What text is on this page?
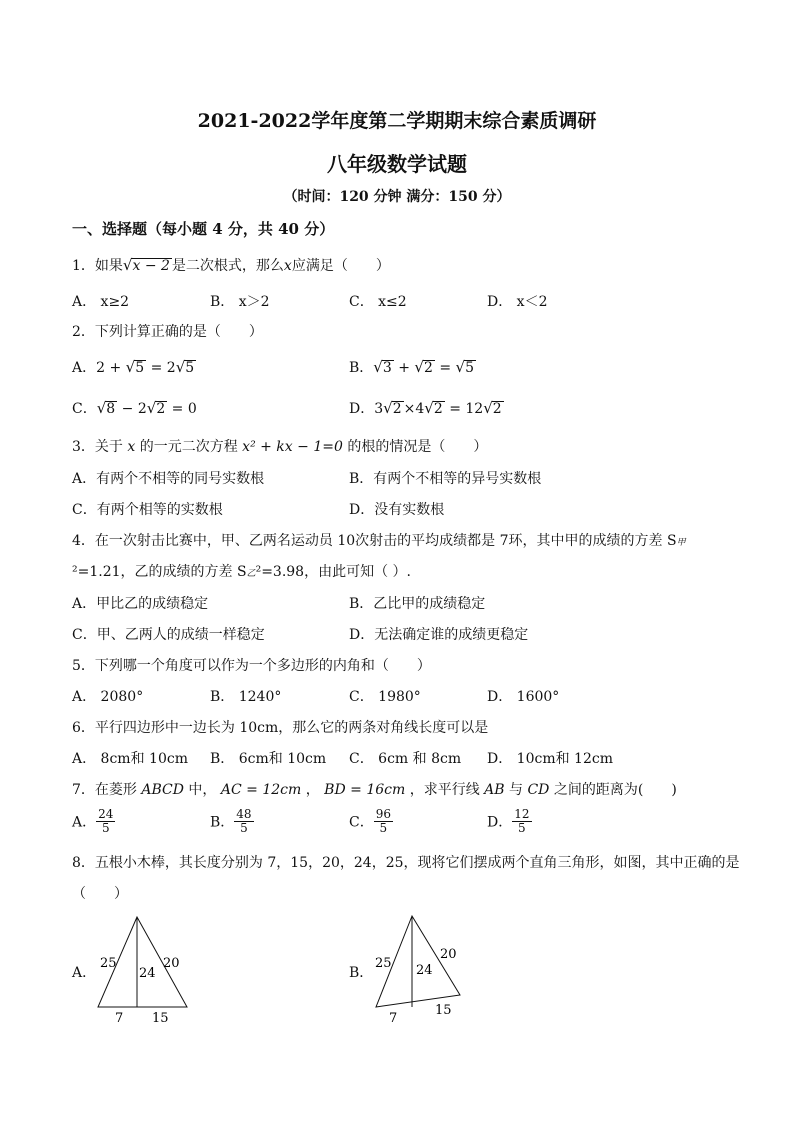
2021-2022学年度第二学期期末综合素质调研
八年级数学试题
（时间：120 分钟 满分：150 分）
一、选择题（每小题 4 分，共 40 分）
1．如果√x − 2 是二次根式，那么x应满足（　　）
A． x≥2	B． x＞2	C． x≤2	D． x＜2
2．下列计算正确的是（　　）
A．2 + √5 = 2√5	B．√3 + √2 = √5
C．√8 − 2√2 = 0	D．3√2 ×4√2 = 12√2
3．关于 x 的一元二次方程 x² + kx − 1=0 的根的情况是（　　）
A．有两个不相等的同号实数根	B．有两个不相等的异号实数根
C．有两个相等的实数根	D．没有实数根
4．在一次射击比赛中，甲、乙两名运动员 10次射击的平均成绩都是 7环，其中甲的成绩的方差 S甲
²=1.21，乙的成绩的方差 S乙²=3.98，由此可知（ ）.
A．甲比乙的成绩稳定	B．乙比甲的成绩稳定
C．甲、乙两人的成绩一样稳定	D．无法确定谁的成绩更稳定
5．下列哪一个角度可以作为一个多边形的内角和（　　）
A． 2080°	B． 1240°	C． 1980°	D． 1600°
6．平行四边形中一边长为 10cm，那么它的两条对角线长度可以是
A． 8cm和 10cm B． 6cm和 10cm C． 6cm 和 8cm D． 10cm和 12cm
7．在菱形 ABCD 中， AC = 12cm ， BD = 16cm ，求平行线 AB 与 CD 之间的距离为(　　)
A． $\frac{24}{5}$	B． $\frac{48}{5}$	C． $\frac{96}{5}$	D． $\frac{12}{5}$
8．五根小木棒，其长度分别为 7，15，20，24，25，现将它们摆成两个直角三角形，如图，其中正确的是
（　　）
A．
25
24
20
7 15
B．
25 24
20
7
15
